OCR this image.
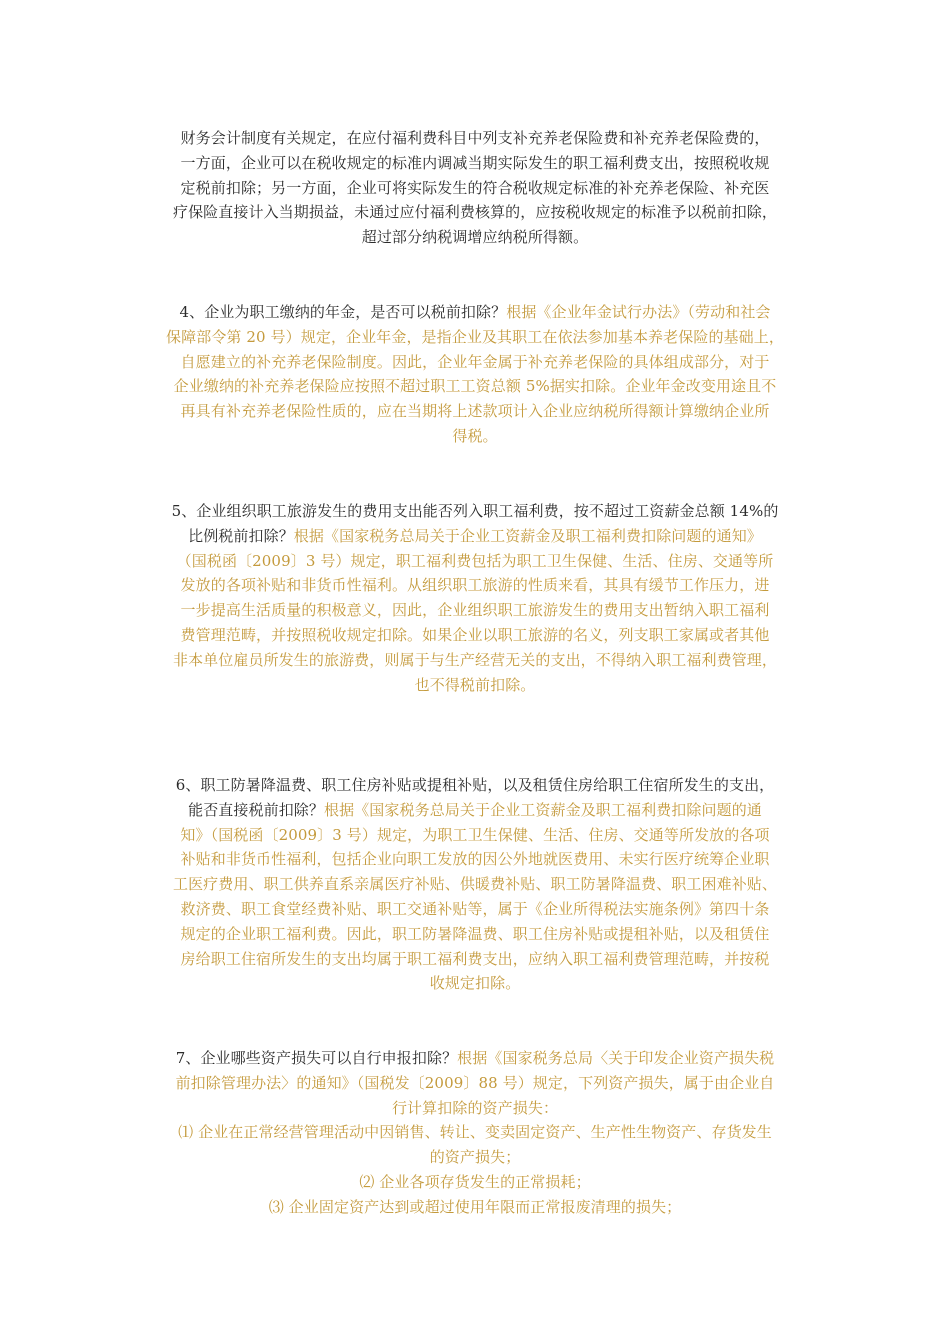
财务会计制度有关规定，在应付福利费科目中列支补充养老保险费和补充养老保险费的，
一方面，企业可以在税收规定的标准内调减当期实际发生的职工福利费支出，按照税收规
定税前扣除；另一方面，企业可将实际发生的符合税收规定标准的补充养老保险、补充医
疗保险直接计入当期损益，未通过应付福利费核算的，应按税收规定的标准予以税前扣除，
超过部分纳税调增应纳税所得额。
4、企业为职工缴纳的年金，是否可以税前扣除？根据《企业年金试行办法》（劳动和社会
保障部令第 20 号）规定，企业年金，是指企业及其职工在依法参加基本养老保险的基础上，
自愿建立的补充养老保险制度。因此，企业年金属于补充养老保险的具体组成部分，对于
企业缴纳的补充养老保险应按照不超过职工工资总额 5%据实扣除。企业年金改变用途且不
再具有补充养老保险性质的，应在当期将上述款项计入企业应纳税所得额计算缴纳企业所
得税。
5、企业组织职工旅游发生的费用支出能否列入职工福利费，按不超过工资薪金总额 14%的
比例税前扣除？根据《国家税务总局关于企业工资薪金及职工福利费扣除问题的通知》
（国税函〔2009〕3 号）规定，职工福利费包括为职工卫生保健、生活、住房、交通等所
发放的各项补贴和非货币性福利。从组织职工旅游的性质来看，其具有缓节工作压力，进
一步提高生活质量的积极意义，因此，企业组织职工旅游发生的费用支出暂纳入职工福利
费管理范畴，并按照税收规定扣除。如果企业以职工旅游的名义，列支职工家属或者其他
非本单位雇员所发生的旅游费，则属于与生产经营无关的支出，不得纳入职工福利费管理，
也不得税前扣除。
6、职工防暑降温费、职工住房补贴或提租补贴，以及租赁住房给职工住宿所发生的支出，
能否直接税前扣除？根据《国家税务总局关于企业工资薪金及职工福利费扣除问题的通
知》（国税函〔2009〕3 号）规定，为职工卫生保健、生活、住房、交通等所发放的各项
补贴和非货币性福利，包括企业向职工发放的因公外地就医费用、未实行医疗统筹企业职
工医疗费用、职工供养直系亲属医疗补贴、供暖费补贴、职工防暑降温费、职工困难补贴、
救济费、职工食堂经费补贴、职工交通补贴等，属于《企业所得税法实施条例》第四十条
规定的企业职工福利费。因此，职工防暑降温费、职工住房补贴或提租补贴，以及租赁住
房给职工住宿所发生的支出均属于职工福利费支出，应纳入职工福利费管理范畴，并按税
收规定扣除。
7、企业哪些资产损失可以自行申报扣除？根据《国家税务总局〈关于印发企业资产损失税
前扣除管理办法〉的通知》（国税发〔2009〕88 号）规定，下列资产损失，属于由企业自
行计算扣除的资产损失：
⑴ 企业在正常经营管理活动中因销售、转让、变卖固定资产、生产性生物资产、存货发生
的资产损失；
⑵ 企业各项存货发生的正常损耗；
⑶ 企业固定资产达到或超过使用年限而正常报废清理的损失；
